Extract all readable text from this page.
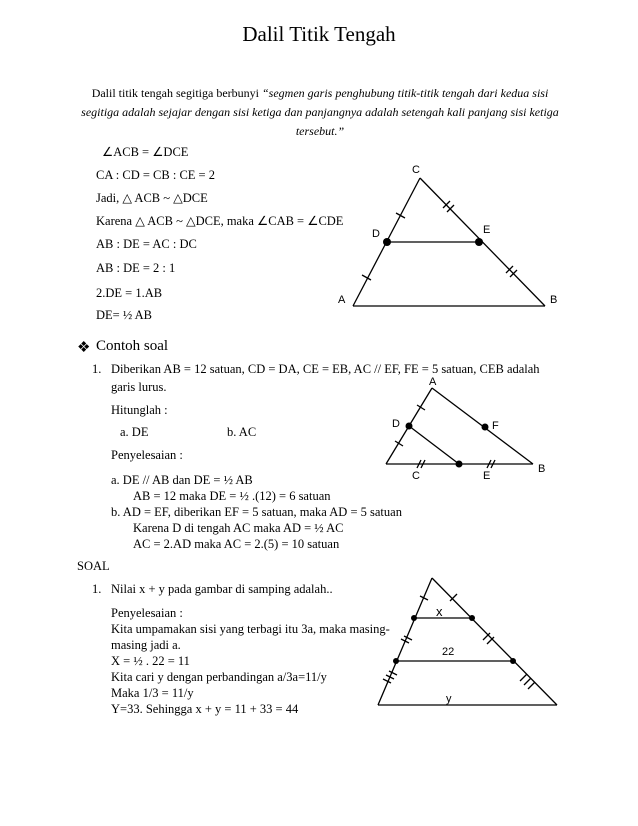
Dalil Titik Tengah
Dalil titik tengah segitiga berbunyi “segmen garis penghubung titik-titik tengah dari kedua sisi segitiga adalah sejajar dengan sisi ketiga dan panjangnya adalah setengah kali panjang sisi ketiga tersebut.”
∠ACB = ∠DCE
CA : CD = CB : CE = 2
Jadi, △ ACB ~ △DCE
Karena △ ACB ~ △DCE, maka ∠CAB = ∠CDE
AB : DE = AC : DC
AB : DE = 2 : 1
2.DE = 1.AB
DE= ½ AB
A	B
C
D	E
❖ Contoh soal
1. Diberikan AB = 12 satuan, CD = DA, CE = EB, AC // EF, FE = 5 satuan, CEB adalah
garis lurus.
Hitunglah :
a. DE	b. AC
Penyelesaian :
a. DE // AB dan DE = ½ AB
AB = 12 maka DE = ½ .(12) = 6 satuan
b. AD = EF, diberikan EF = 5 satuan, maka AD = 5 satuan
Karena D di tengah AC maka AD = ½ AC
AC = 2.AD maka AC = 2.(5) = 10 satuan
A
B
C
D
E
F
SOAL
1. Nilai x + y pada gambar di samping adalah..
Penyelesaian :
Kita umpamakan sisi yang terbagi itu 3a, maka masing-
masing jadi a.
X = ½ . 22 = 11
Kita cari y dengan perbandingan a/3a=11/y
Maka 1/3 = 11/y
Y=33. Sehingga x + y = 11 + 33 = 44
x
22
y
